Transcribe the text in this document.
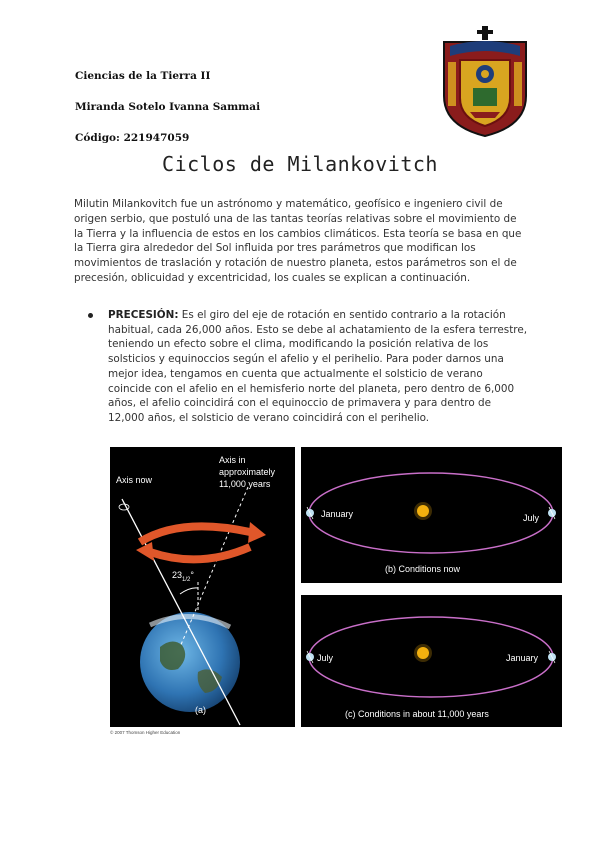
Ciencias de la Tierra II
Miranda Sotelo Ivanna Sammai
Código: 221947059
Ciclos de Milankovitch
Milutin Milankovitch fue un astrónomo y matemático, geofísico e ingeniero civil de origen serbio, que postuló una de las tantas teorías relativas sobre el movimiento de la Tierra y la influencia de estos en los cambios climáticos. Esta teoría se basa en que la Tierra gira alrededor del Sol influida por tres parámetros que modifican los movimientos de traslación y rotación de nuestro planeta, estos parámetros son el de precesión, oblicuidad y excentricidad, los cuales se explican a continuación.
PRECESIÓN: Es el giro del eje de rotación en sentido contrario a la rotación habitual, cada 26,000 años. Esto se debe al achatamiento de la esfera terrestre, teniendo un efecto sobre el clima, modificando la posición relativa de los solsticios y equinoccios según el afelio y el perihelio. Para poder darnos una mejor idea, tengamos en cuenta que actualmente el solsticio de verano coincide con el afelio en el hemisferio norte del planeta, pero dentro de 6,000 años, el afelio coincidirá con el equinoccio de primavera y para dentro de 12,000 años, el solsticio de verano coincidirá con el perihelio.
Axis now
Axis in
approximately
11,000 years
$23_{1/2}^\circ$
(a)
January	July
(b) Conditions now
July	January
(c) Conditions in about 11,000 years
© 2007 Thomson Higher Education
